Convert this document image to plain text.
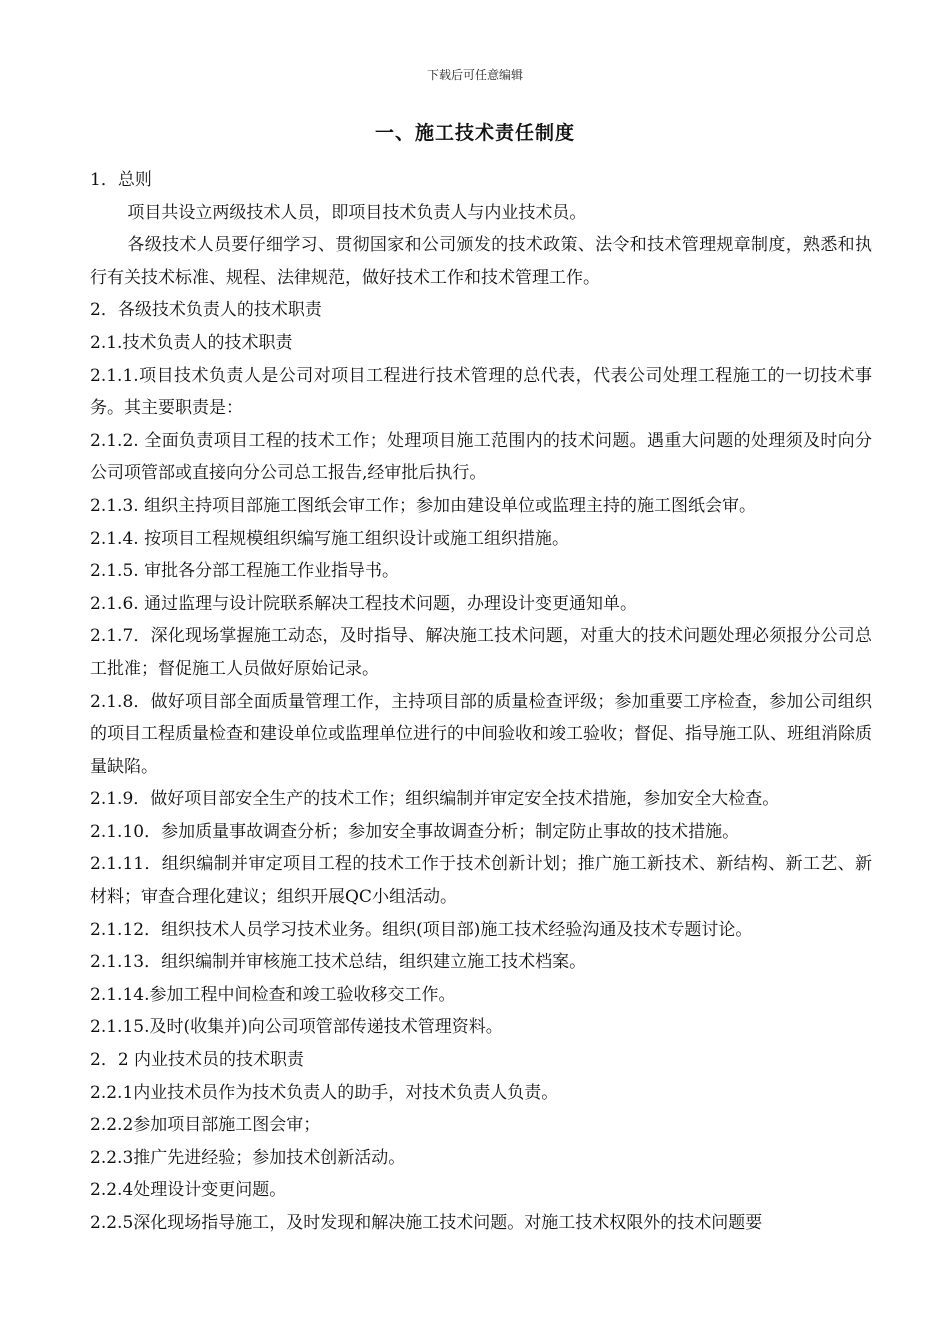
下载后可任意编辑
一、施工技术责任制度

1．总则

项目共设立两级技术人员，即项目技术负责人与内业技术员。

各级技术人员要仔细学习、贯彻国家和公司颁发的技术政策、法令和技术管理规章制度，熟悉和执行有关技术标准、规程、法律规范，做好技术工作和技术管理工作。

2．各级技术负责人的技术职责

2.1.技术负责人的技术职责

2.1.1.项目技术负责人是公司对项目工程进行技术管理的总代表，代表公司处理工程施工的一切技术事务。其主要职责是：

2.1.2. 全面负责项目工程的技术工作；处理项目施工范围内的技术问题。遇重大问题的处理须及时向分公司项管部或直接向分公司总工报告,经审批后执行。

2.1.3. 组织主持项目部施工图纸会审工作；参加由建设单位或监理主持的施工图纸会审。

2.1.4. 按项目工程规模组织编写施工组织设计或施工组织措施。

2.1.5. 审批各分部工程施工作业指导书。

2.1.6. 通过监理与设计院联系解决工程技术问题，办理设计变更通知单。

2.1.7．深化现场掌握施工动态，及时指导、解决施工技术问题，对重大的技术问题处理必须报分公司总工批准；督促施工人员做好原始记录。

2.1.8．做好项目部全面质量管理工作，主持项目部的质量检查评级；参加重要工序检查，参加公司组织的项目工程质量检查和建设单位或监理单位进行的中间验收和竣工验收；督促、指导施工队、班组消除质量缺陷。

2.1.9．做好项目部安全生产的技术工作；组织编制并审定安全技术措施，参加安全大检查。

2.1.10．参加质量事故调查分析；参加安全事故调查分析；制定防止事故的技术措施。

2.1.11．组织编制并审定项目工程的技术工作于技术创新计划；推广施工新技术、新结构、新工艺、新材料；审查合理化建议；组织开展QC小组活动。

2.1.12．组织技术人员学习技术业务。组织(项目部)施工技术经验沟通及技术专题讨论。

2.1.13．组织编制并审核施工技术总结，组织建立施工技术档案。

2.1.14.参加工程中间检查和竣工验收移交工作。

2.1.15.及时(收集并)向公司项管部传递技术管理资料。

2．2 内业技术员的技术职责

2.2.1内业技术员作为技术负责人的助手，对技术负责人负责。

2.2.2参加项目部施工图会审；

2.2.3推广先进经验；参加技术创新活动。

2.2.4处理设计变更问题。

2.2.5深化现场指导施工，及时发现和解决施工技术问题。对施工技术权限外的技术问题要
